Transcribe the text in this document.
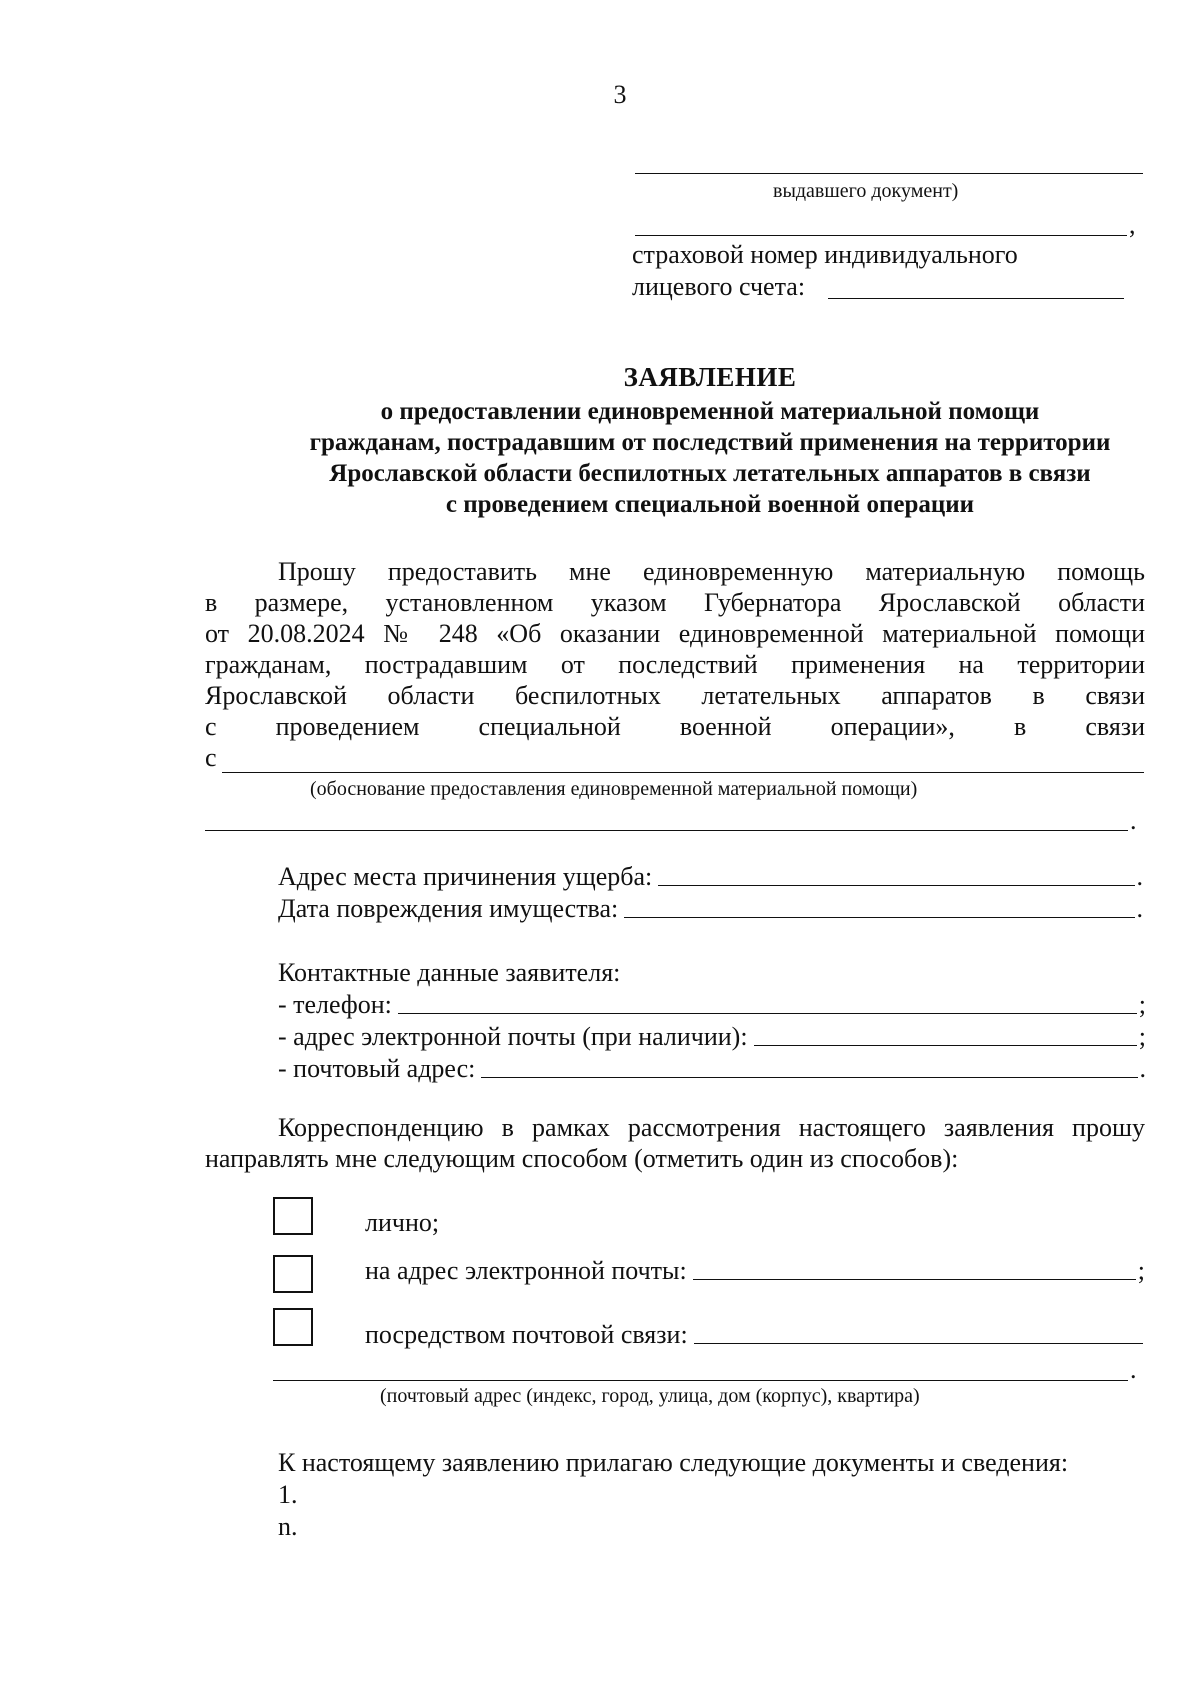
3
выдавшего документ)
,
страховой номер индивидуального
лицевого счета:
ЗАЯВЛЕНИЕ
о предоставлении единовременной материальной помощи
гражданам, пострадавшим от последствий применения на территории
Ярославской области беспилотных летательных аппаратов в связи
с проведением специальной военной операции
Прошу предоставить мне единовременную материальную помощь
в размере, установленном указом Губернатора Ярославской области
от 20.08.2024 № 248 «Об оказании единовременной материальной помощи
гражданам, пострадавшим от последствий применения на территории
Ярославской области беспилотных летательных аппаратов в связи
с проведением специальной военной операции», в связи
с
(обоснование предоставления единовременной материальной помощи)
.
Адрес места причинения ущерба:	.
Дата повреждения имущества:	.
Контактные данные заявителя:
- телефон:	;
- адрес электронной почты (при наличии):	;
- почтовый адрес:	.
Корреспонденцию в рамках рассмотрения настоящего заявления прошу
направлять мне следующим способом (отметить один из способов):
лично;
на адрес электронной почты:	;
посредством почтовой связи:
.
(почтовый адрес (индекс, город, улица, дом (корпус), квартира)
К настоящему заявлению прилагаю следующие документы и сведения:
1.
n.
